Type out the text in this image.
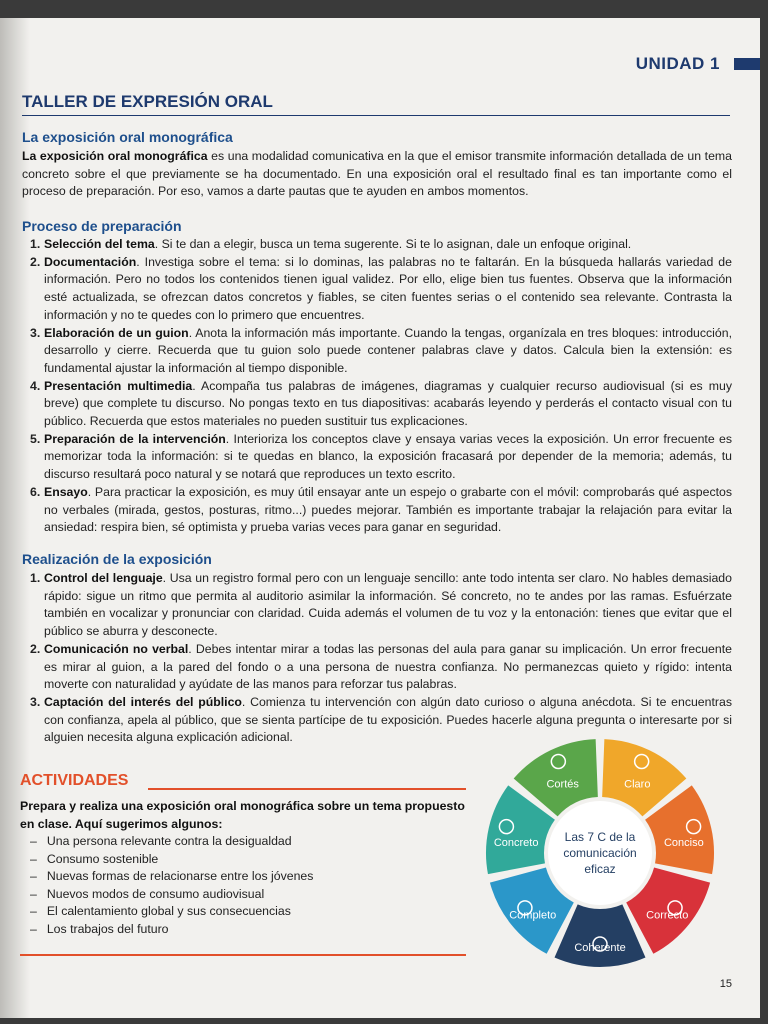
UNIDAD 1
TALLER DE EXPRESIÓN ORAL
La exposición oral monográfica
La exposición oral monográfica es una modalidad comunicativa en la que el emisor transmite información detallada de un tema concreto sobre el que previamente se ha documentado. En una exposición oral el resultado final es tan importante como el proceso de preparación. Por eso, vamos a darte pautas que te ayuden en ambos momentos.
Proceso de preparación
1. Selección del tema. Si te dan a elegir, busca un tema sugerente. Si te lo asignan, dale un enfoque original.
2. Documentación. Investiga sobre el tema: si lo dominas, las palabras no te faltarán. En la búsqueda hallarás variedad de información. Pero no todos los contenidos tienen igual validez. Por ello, elige bien tus fuentes. Observa que la información esté actualizada, se ofrezcan datos concretos y fiables, se citen fuentes serias o el contenido sea relevante. Contrasta la información y no te quedes con lo primero que encuentres.
3. Elaboración de un guion. Anota la información más importante. Cuando la tengas, organízala en tres bloques: introducción, desarrollo y cierre. Recuerda que tu guion solo puede contener palabras clave y datos. Calcula bien la extensión: es fundamental ajustar la información al tiempo disponible.
4. Presentación multimedia. Acompaña tus palabras de imágenes, diagramas y cualquier recurso audiovisual (si es muy breve) que complete tu discurso. No pongas texto en tus diapositivas: acabarás leyendo y perderás el contacto visual con tu público. Recuerda que estos materiales no pueden sustituir tus explicaciones.
5. Preparación de la intervención. Interioriza los conceptos clave y ensaya varias veces la exposición. Un error frecuente es memorizar toda la información: si te quedas en blanco, la exposición fracasará por depender de la memoria; además, tu discurso resultará poco natural y se notará que reproduces un texto escrito.
6. Ensayo. Para practicar la exposición, es muy útil ensayar ante un espejo o grabarte con el móvil: comprobarás qué aspectos no verbales (mirada, gestos, posturas, ritmo...) puedes mejorar. También es importante trabajar la relajación para evitar la ansiedad: respira bien, sé optimista y prueba varias veces para ganar en seguridad.
Realización de la exposición
1. Control del lenguaje. Usa un registro formal pero con un lenguaje sencillo: ante todo intenta ser claro. No hables demasiado rápido: sigue un ritmo que permita al auditorio asimilar la información. Sé concreto, no te andes por las ramas. Esfuérzate también en vocalizar y pronunciar con claridad. Cuida además el volumen de tu voz y la entonación: tienes que evitar que el público se aburra y desconecte.
2. Comunicación no verbal. Debes intentar mirar a todas las personas del aula para ganar su implicación. Un error frecuente es mirar al guion, a la pared del fondo o a una persona de nuestra confianza. No permanezcas quieto y rígido: intenta moverte con naturalidad y ayúdate de las manos para reforzar tus palabras.
3. Captación del interés del público. Comienza tu intervención con algún dato curioso o alguna anécdota. Si te encuentras con confianza, apela al público, que se sienta partícipe de tu exposición. Puedes hacerle alguna pregunta o interesarte por si alguien necesita alguna explicación adicional.
ACTIVIDADES
Prepara y realiza una exposición oral monográfica sobre un tema propuesto en clase. Aquí sugerimos algunos:
– Una persona relevante contra la desigualdad
– Consumo sostenible
– Nuevas formas de relacionarse entre los jóvenes
– Nuevos modos de consumo audiovisual
– El calentamiento global y sus consecuencias
– Los trabajos del futuro
Cortés	Claro
Conciso
Correcto
Coherente
Completo
Concreto Las 7 C de la
comunicación
eficaz
15
